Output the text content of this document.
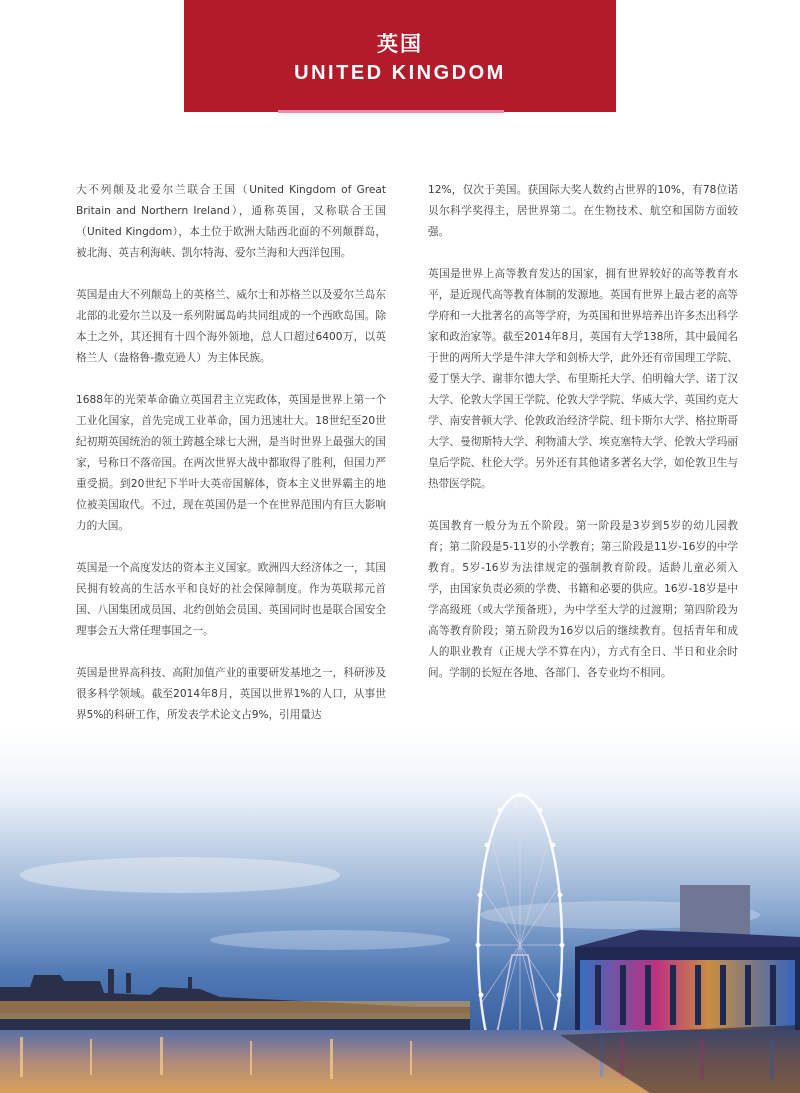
英国
UNITED KINGDOM

大不列颠及北爱尔兰联合王国（United Kingdom of Great Britain and Northern Ireland），通称英国，又称联合王国（United Kingdom），本土位于欧洲大陆西北面的不列颠群岛，被北海、英吉利海峡、凯尔特海、爱尔兰海和大西洋包围。

英国是由大不列颠岛上的英格兰、威尔士和苏格兰以及爱尔兰岛东北部的北爱尔兰以及一系列附属岛屿共同组成的一个西欧岛国。除本土之外，其还拥有十四个海外领地，总人口超过6400万，以英格兰人（盎格鲁-撒克逊人）为主体民族。

1688年的光荣革命确立英国君主立宪政体，英国是世界上第一个工业化国家，首先完成工业革命，国力迅速壮大。18世纪至20世纪初期英国统治的领土跨越全球七大洲，是当时世界上最强大的国家，号称日不落帝国。在两次世界大战中都取得了胜利，但国力严重受损。到20世纪下半叶大英帝国解体，资本主义世界霸主的地位被美国取代。不过，现在英国仍是一个在世界范围内有巨大影响力的大国。

英国是一个高度发达的资本主义国家。欧洲四大经济体之一，其国民拥有较高的生活水平和良好的社会保障制度。作为英联邦元首国、八国集团成员国、北约创始会员国、英国同时也是联合国安全理事会五大常任理事国之一。

英国是世界高科技、高附加值产业的重要研发基地之一，科研涉及很多科学领域。截至2014年8月，英国以世界1%的人口，从事世界5%的科研工作，所发表学术论文占9%，引用量达

12%，仅次于美国。获国际大奖人数约占世界的10%，有78位诺贝尔科学奖得主，居世界第二。在生物技术、航空和国防方面较强。

英国是世界上高等教育发达的国家，拥有世界较好的高等教育水平，是近现代高等教育体制的发源地。英国有世界上最古老的高等学府和一大批著名的高等学府，为英国和世界培养出许多杰出科学家和政治家等。截至2014年8月，英国有大学138所，其中最闻名于世的两所大学是牛津大学和剑桥大学，此外还有帝国理工学院、爱丁堡大学、谢菲尔德大学、布里斯托大学、伯明翰大学、诺丁汉大学、伦敦大学国王学院、伦敦大学学院、华威大学、英国约克大学、南安普顿大学、伦敦政治经济学院、纽卡斯尔大学、格拉斯哥大学、曼彻斯特大学、利物浦大学、埃克塞特大学、伦敦大学玛丽皇后学院、杜伦大学。另外还有其他诸多著名大学，如伦敦卫生与热带医学院。

英国教育一般分为五个阶段。第一阶段是3岁到5岁的幼儿园教育；第二阶段是5-11岁的小学教育；第三阶段是11岁-16岁的中学教育。5岁-16岁为法律规定的强制教育阶段。适龄儿童必须入学，由国家负责必须的学费、书籍和必要的供应。16岁-18岁是中学高级班（或大学预备班），为中学至大学的过渡期；第四阶段为高等教育阶段；第五阶段为16岁以后的继续教育。包括青年和成人的职业教育（正规大学不算在内），方式有全日、半日和业余时间。学制的长短在各地、各部门、各专业均不相同。
